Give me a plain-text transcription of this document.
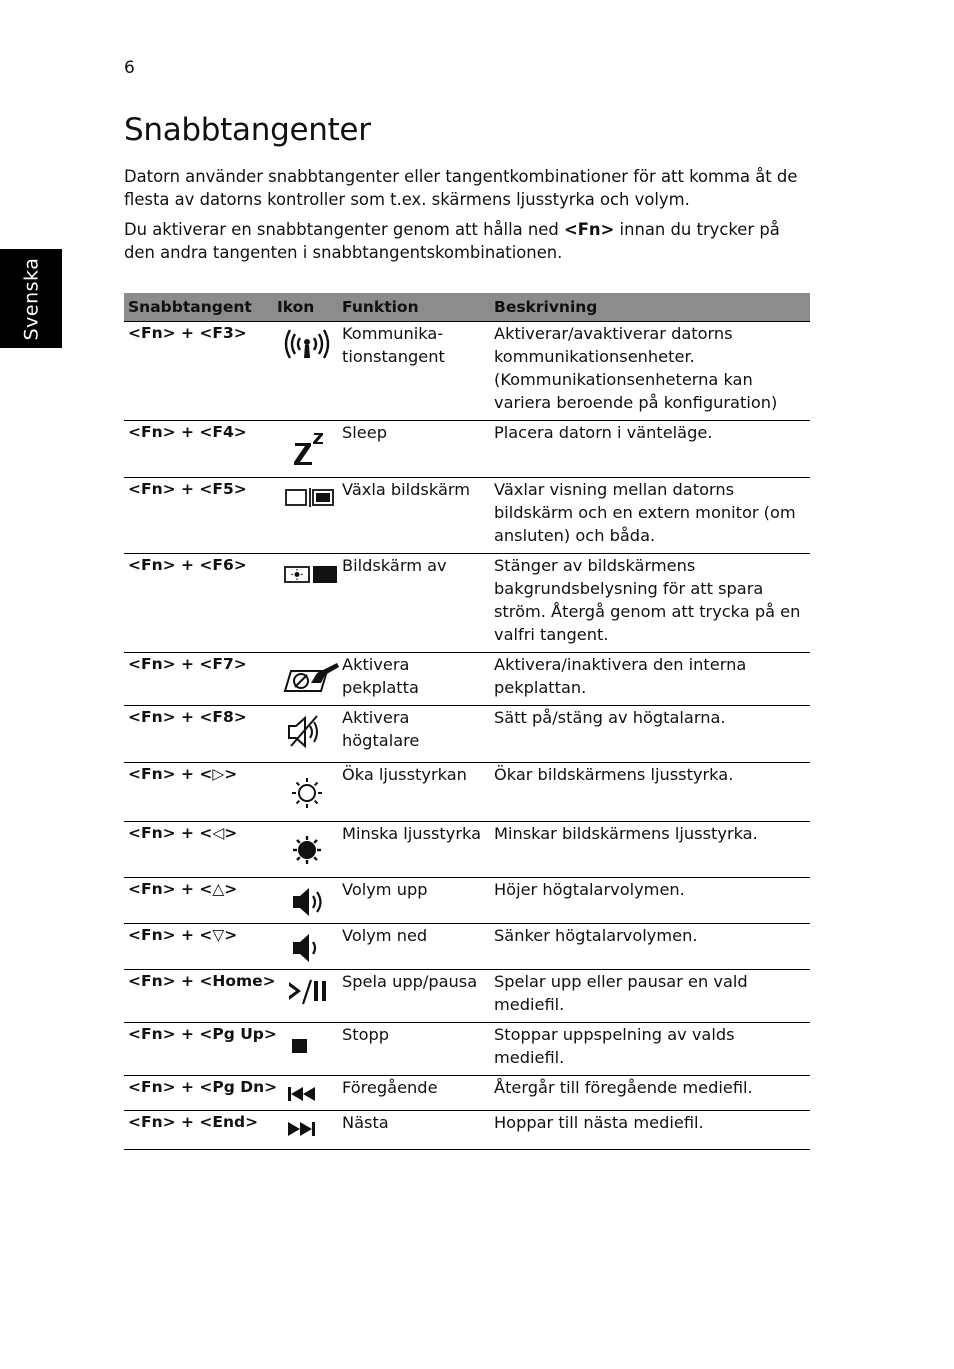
6
Svenska
Snabbtangenter

Datorn använder snabbtangenter eller tangentkombinationer för att komma åt de flesta av datorns kontroller som t.ex. skärmens ljusstyrka och volym.

Du aktiverar en snabbtangenter genom att hålla ned <Fn> innan du trycker på den andra tangenten i snabbtangentskombinationen.

Snabbtangent	Ikon	Funktion	Beskrivning
<Fn> + <F3>		Kommunika-tionstangent	Aktiverar/avaktiverar datorns kommunikationsenheter. (Kommunikationsenheterna kan variera beroende på konfiguration)
<Fn> + <F4>		Sleep	Placera datorn i vänteläge.
<Fn> + <F5>		Växla bildskärm	Växlar visning mellan datorns bildskärm och en extern monitor (om ansluten) och båda.
<Fn> + <F6>		Bildskärm av	Stänger av bildskärmens bakgrundsbelysning för att spara ström. Återgå genom att trycka på en valfri tangent.
<Fn> + <F7>		Aktivera pekplatta	Aktivera/inaktivera den interna pekplattan.
<Fn> + <F8>		Aktivera högtalare	Sätt på/stäng av högtalarna.
<Fn> + <▷>		Öka ljusstyrkan	Ökar bildskärmens ljusstyrka.
<Fn> + <◁>		Minska ljusstyrka	Minskar bildskärmens ljusstyrka.
<Fn> + <△>		Volym upp	Höjer högtalarvolymen.
<Fn> + <▽>		Volym ned	Sänker högtalarvolymen.
<Fn> + <Home>		Spela upp/pausa	Spelar upp eller pausar en vald mediefil.
<Fn> + <Pg Up>		Stopp	Stoppar uppspelning av valds mediefil.
<Fn> + <Pg Dn>		Föregående	Återgår till föregående mediefil.
<Fn> + <End>		Nästa	Hoppar till nästa mediefil.
